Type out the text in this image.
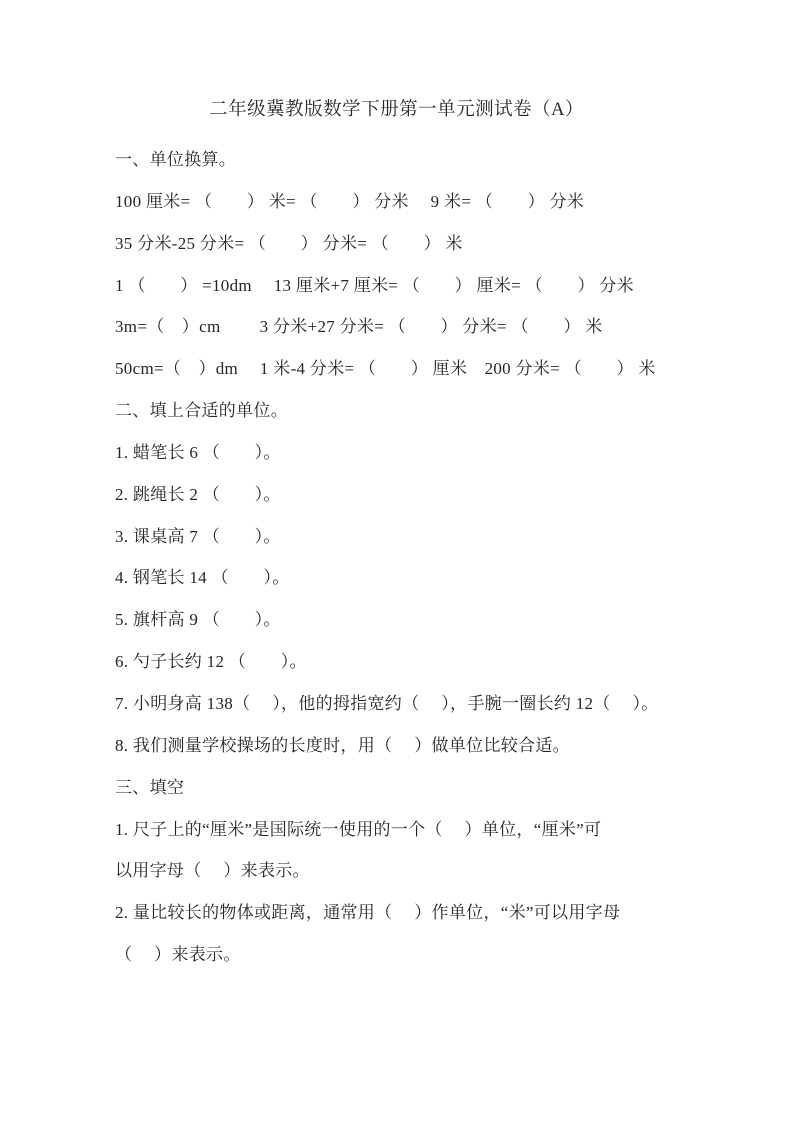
二年级冀教版数学下册第一单元测试卷（A）
一、单位换算。
100 厘米= （　　） 米= （　　） 分米　 9 米= （　　） 分米
35 分米-25 分米= （　　） 分米= （　　） 米
1 （　　） =10dm　 13 厘米+7 厘米= （　　） 厘米= （　　） 分米
3m=（　）cm　　 3 分米+27 分米= （　　） 分米= （　　） 米
50cm=（　）dm　 1 米-4 分米= （　　） 厘米　200 分米= （　　） 米
二、填上合适的单位。
1. 蜡笔长 6 （　　）。
2. 跳绳长 2 （　　）。
3. 课桌高 7 （　　）。
4. 钢笔长 14 （　　）。
5. 旗杆高 9 （　　）。
6. 勺子长约 12 （　　）。
7. 小明身高 138（　 ），他的拇指宽约（　 ），手腕一圈长约 12（　 ）。
8. 我们测量学校操场的长度时，用（　 ）做单位比较合适。
三、填空
1. 尺子上的“厘米”是国际统一使用的一个（　 ）单位，“厘米”可
以用字母（　 ）来表示。
2. 量比较长的物体或距离，通常用（　 ）作单位，“米”可以用字母
（　 ）来表示。
